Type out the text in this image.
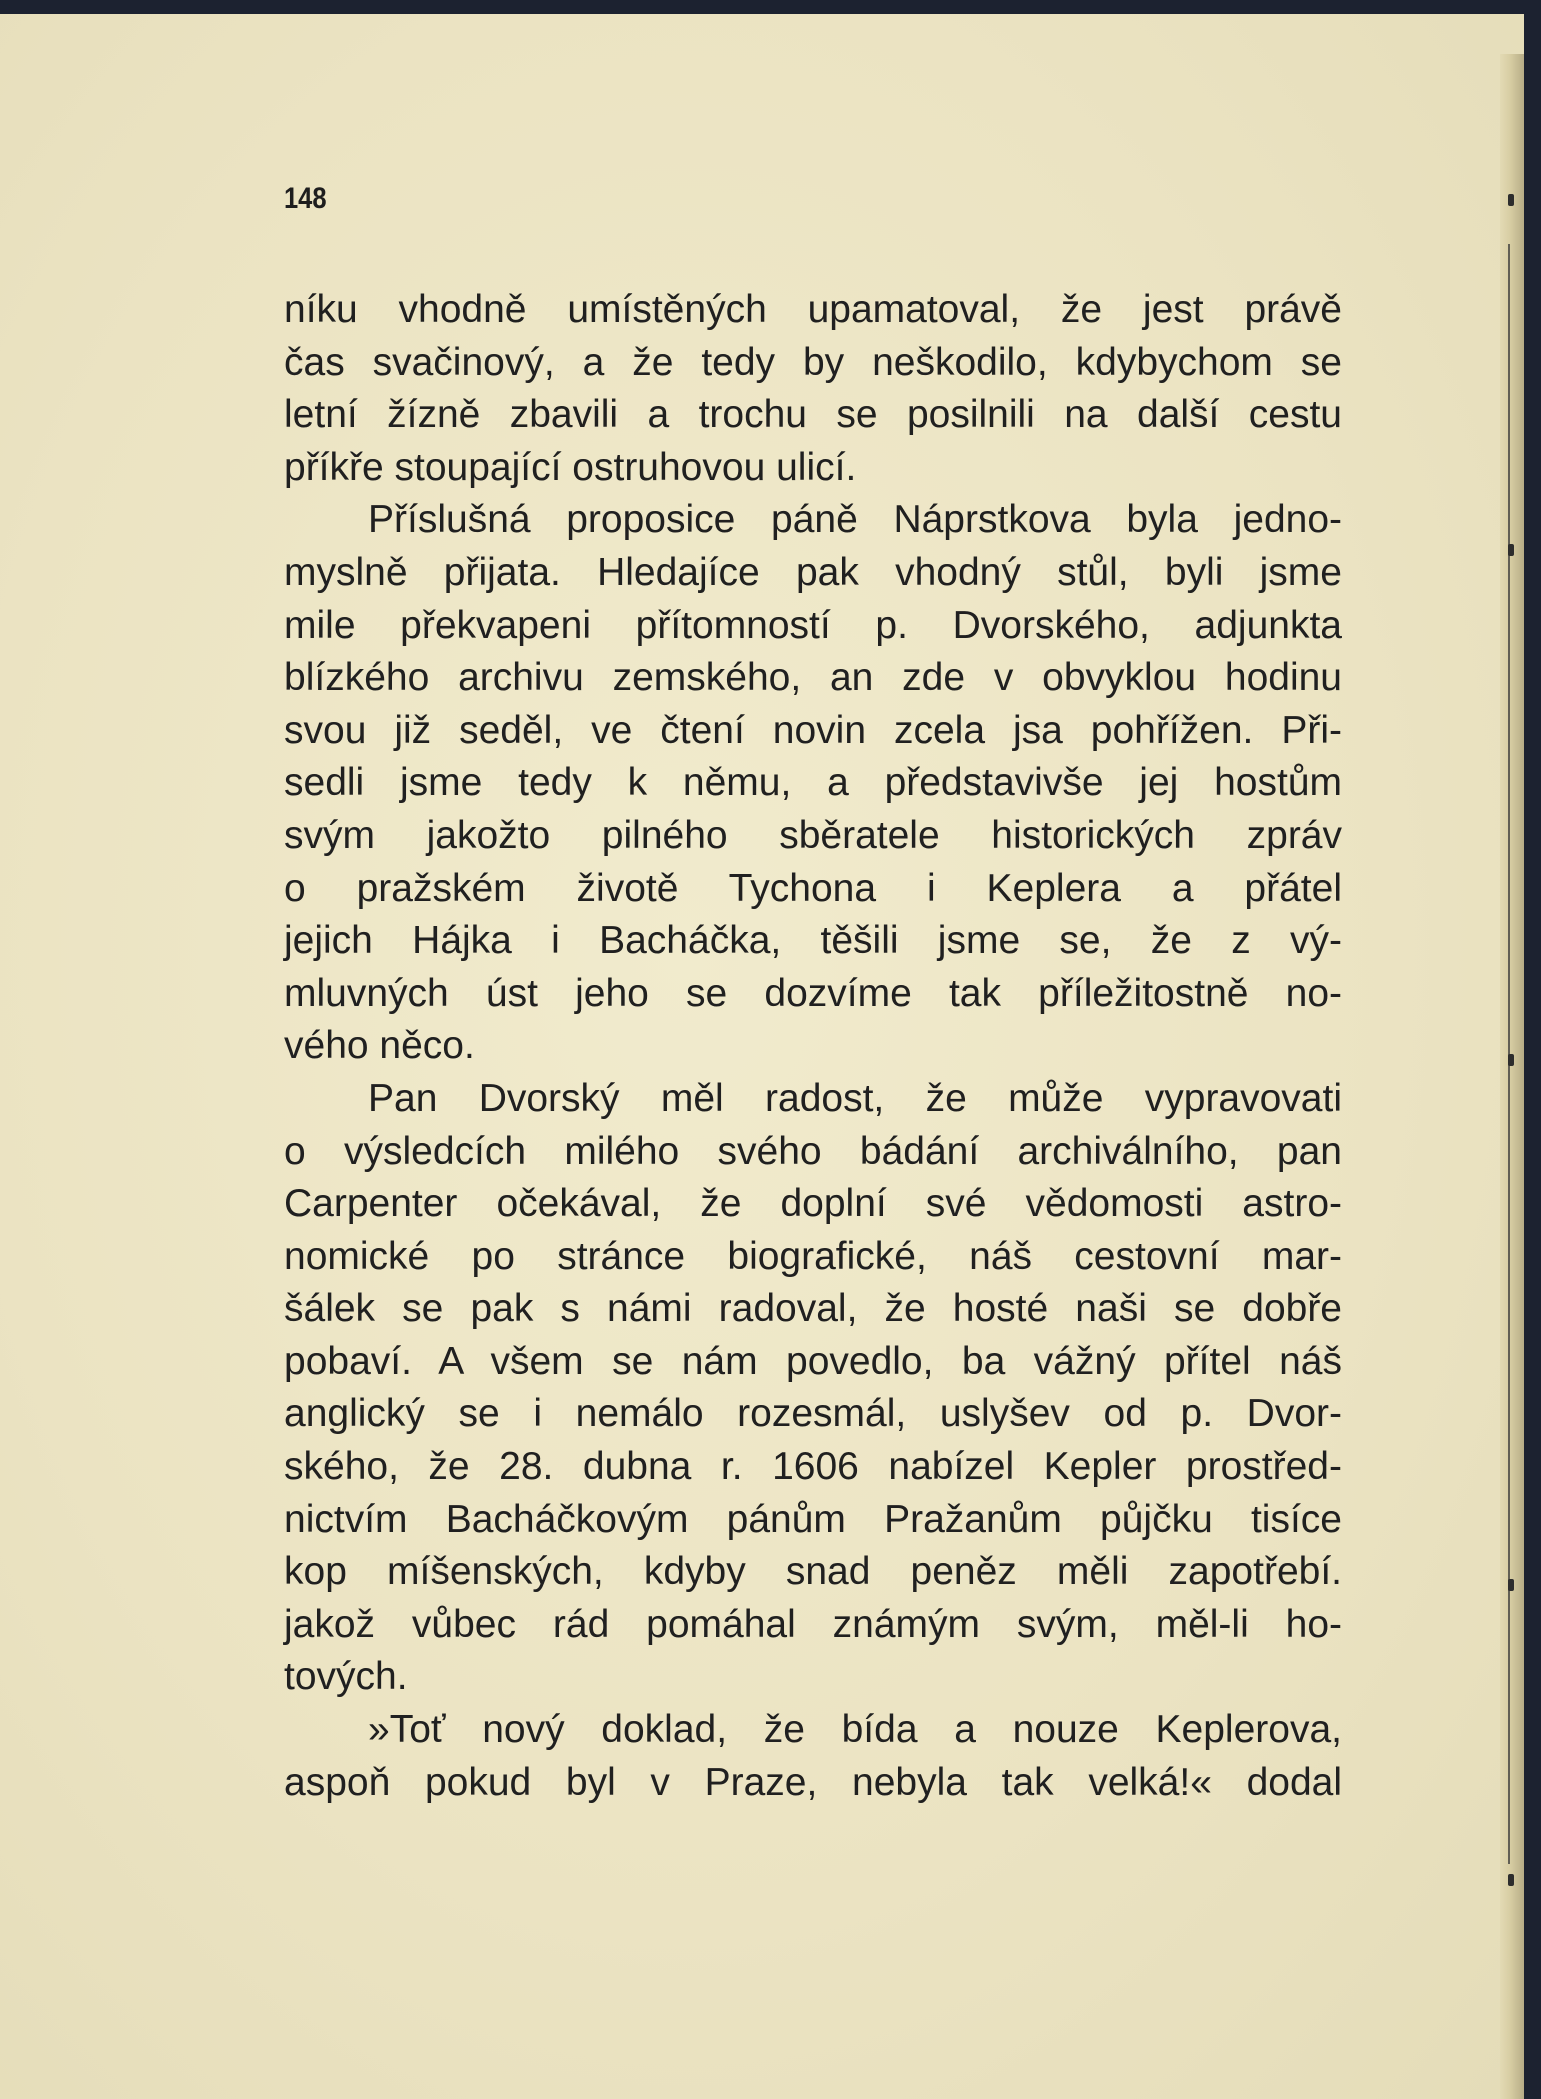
148
níku vhodně umístěných upamatoval, že jest právě
čas svačinový, a že tedy by neškodilo, kdybychom se
letní žízně zbavili a trochu se posilnili na další cestu
příkře stoupající ostruhovou ulicí.
Příslušná proposice páně Náprstkova byla jedno-
myslně přijata. Hledajíce pak vhodný stůl, byli jsme
mile překvapeni přítomností p. Dvorského, adjunkta
blízkého archivu zemského, an zde v obvyklou hodinu
svou již seděl, ve čtení novin zcela jsa pohřížen. Při-
sedli jsme tedy k němu, a představivše jej hostům
svým jakožto pilného sběratele historických zpráv
o pražském životě Tychona i Keplera a přátel
jejich Hájka i Bacháčka, těšili jsme se, že z vý-
mluvných úst jeho se dozvíme tak příležitostně no-
vého něco.
Pan Dvorský měl radost, že může vypravovati
o výsledcích milého svého bádání archiválního, pan
Carpenter očekával, že doplní své vědomosti astro-
nomické po stránce biografické, náš cestovní mar-
šálek se pak s námi radoval, že hosté naši se dobře
pobaví. A všem se nám povedlo, ba vážný přítel náš
anglický se i nemálo rozesmál, uslyšev od p. Dvor-
ského, že 28. dubna r. 1606 nabízel Kepler prostřed-
nictvím Bacháčkovým pánům Pražanům půjčku tisíce
kop míšenských, kdyby snad peněz měli zapotřebí.
jakož vůbec rád pomáhal známým svým, měl-li ho-
tových.
»Toť nový doklad, že bída a nouze Keplerova,
aspoň pokud byl v Praze, nebyla tak velká!« dodal
